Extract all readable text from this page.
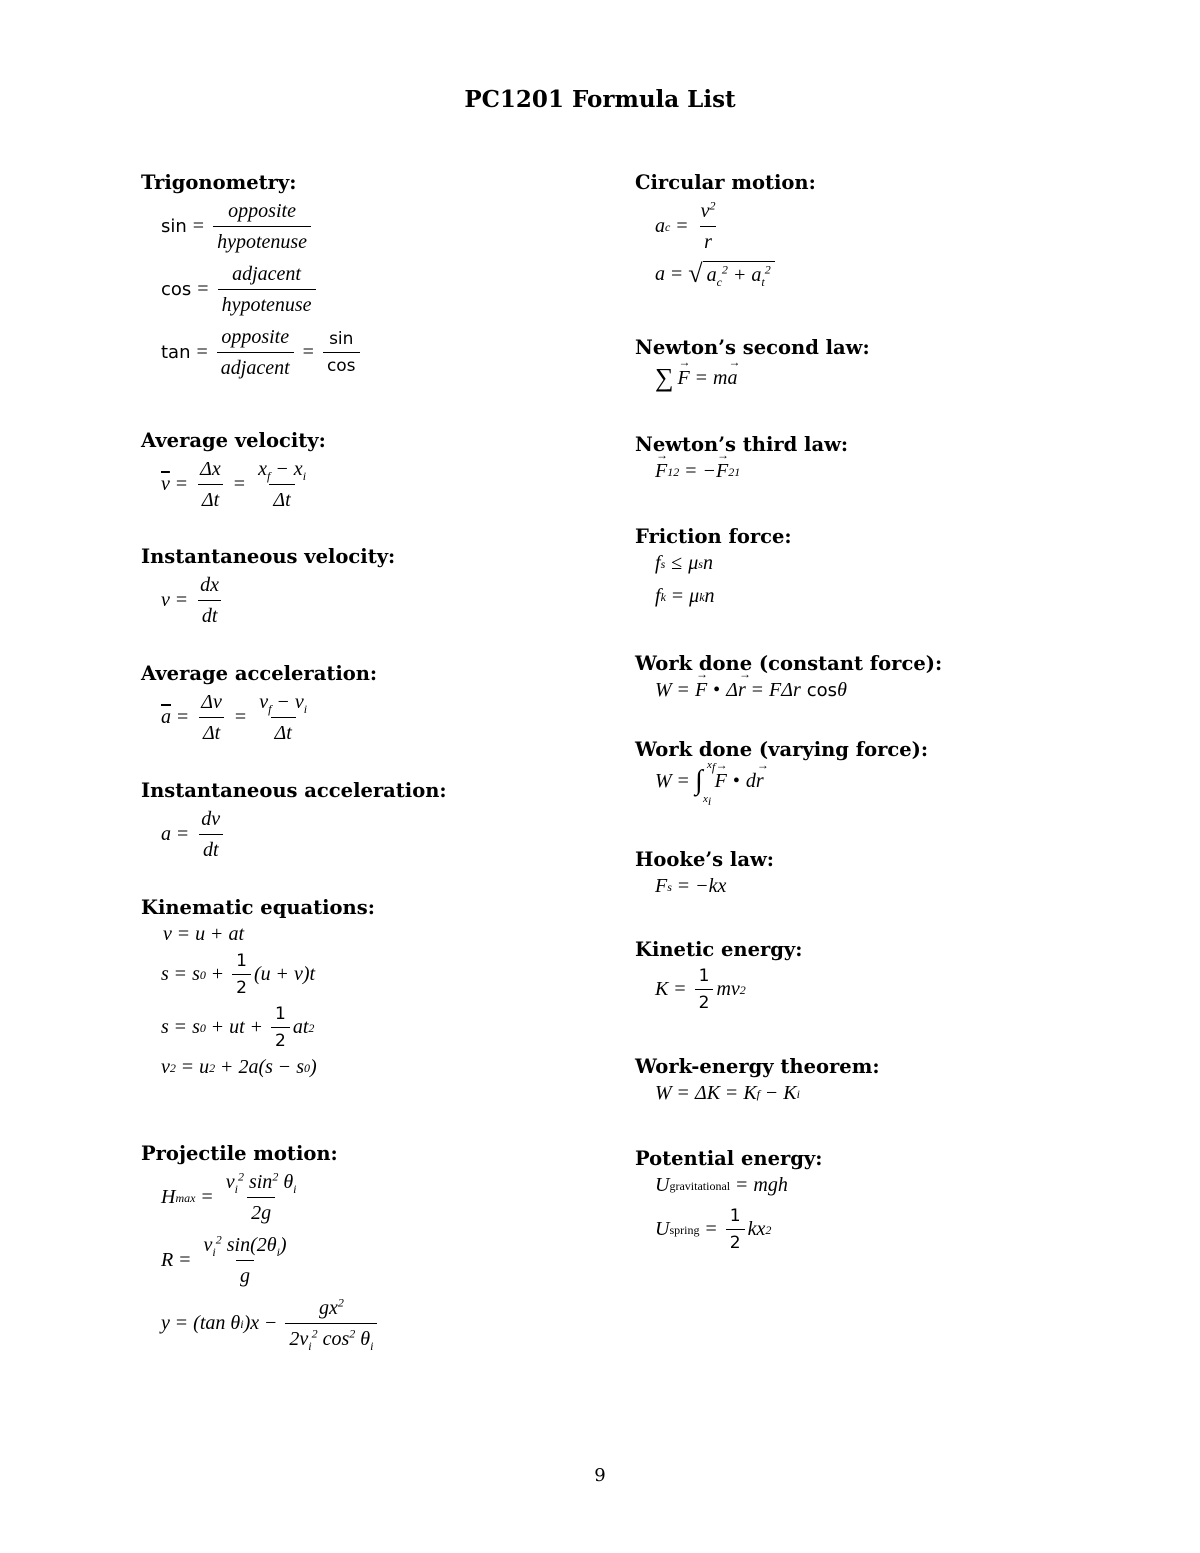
PC1201 Formula List
Trigonometry:
$\sin = \frac{\text{opposite}}{\text{hypotenuse}}$
$\cos = \frac{\text{adjacent}}{\text{hypotenuse}}$
$\tan = \frac{\text{opposite}}{\text{adjacent}} = \frac{\sin}{\cos}$
Average velocity:
$\overline{v} = \frac{\Delta x}{\Delta t} = \frac{x_f - x_i}{\Delta t}$
Instantaneous velocity:
$v = \frac{dx}{dt}$
Average acceleration:
$\overline{a} = \frac{\Delta v}{\Delta t} = \frac{v_f - v_i}{\Delta t}$
Instantaneous acceleration:
$a = \frac{dv}{dt}$
Kinematic equations:
v = u + at
s = s $0 + \frac{1}{2} (u + v)t$
s = s 0 + ut + $\frac{1}{2}$ at 2
v 2 = u 2 + 2a(s − s 0 )
Projectile motion:
H $\max = \frac{v_i^2 \sin^2 \theta_i}{2g}$
$R = \frac{v_i^2 \sin(2\theta_i)}{g}$
y = (tan θ i )$x - \frac{gx^2}{2v_i^2 \cos^2 \theta_i}$
Circular motion:
a $c = \frac{v^2}{r}$
a = √ $a_c^2 + a_t^2$
Newton’s second law:
∑ → F = m → a
Newton’s third law:
→ F 12 = − → F 21
Friction force:
f s ≤ μ s n
f k = μ k n
Work done (constant force):
W = → F • Δ → r = FΔr cos θ
Work done (varying force):
W = ∫ $x_f$
$x_i$
→ F • d → r
Hooke’s law:
F s = −kx
Kinetic energy:
$K = \frac{1}{2}$ mv 2
Work-energy theorem:
W = ΔK = K f − K i
Potential energy:
U gravitational = mgh
U spring = $\frac{1}{2}$ kx 2
9
